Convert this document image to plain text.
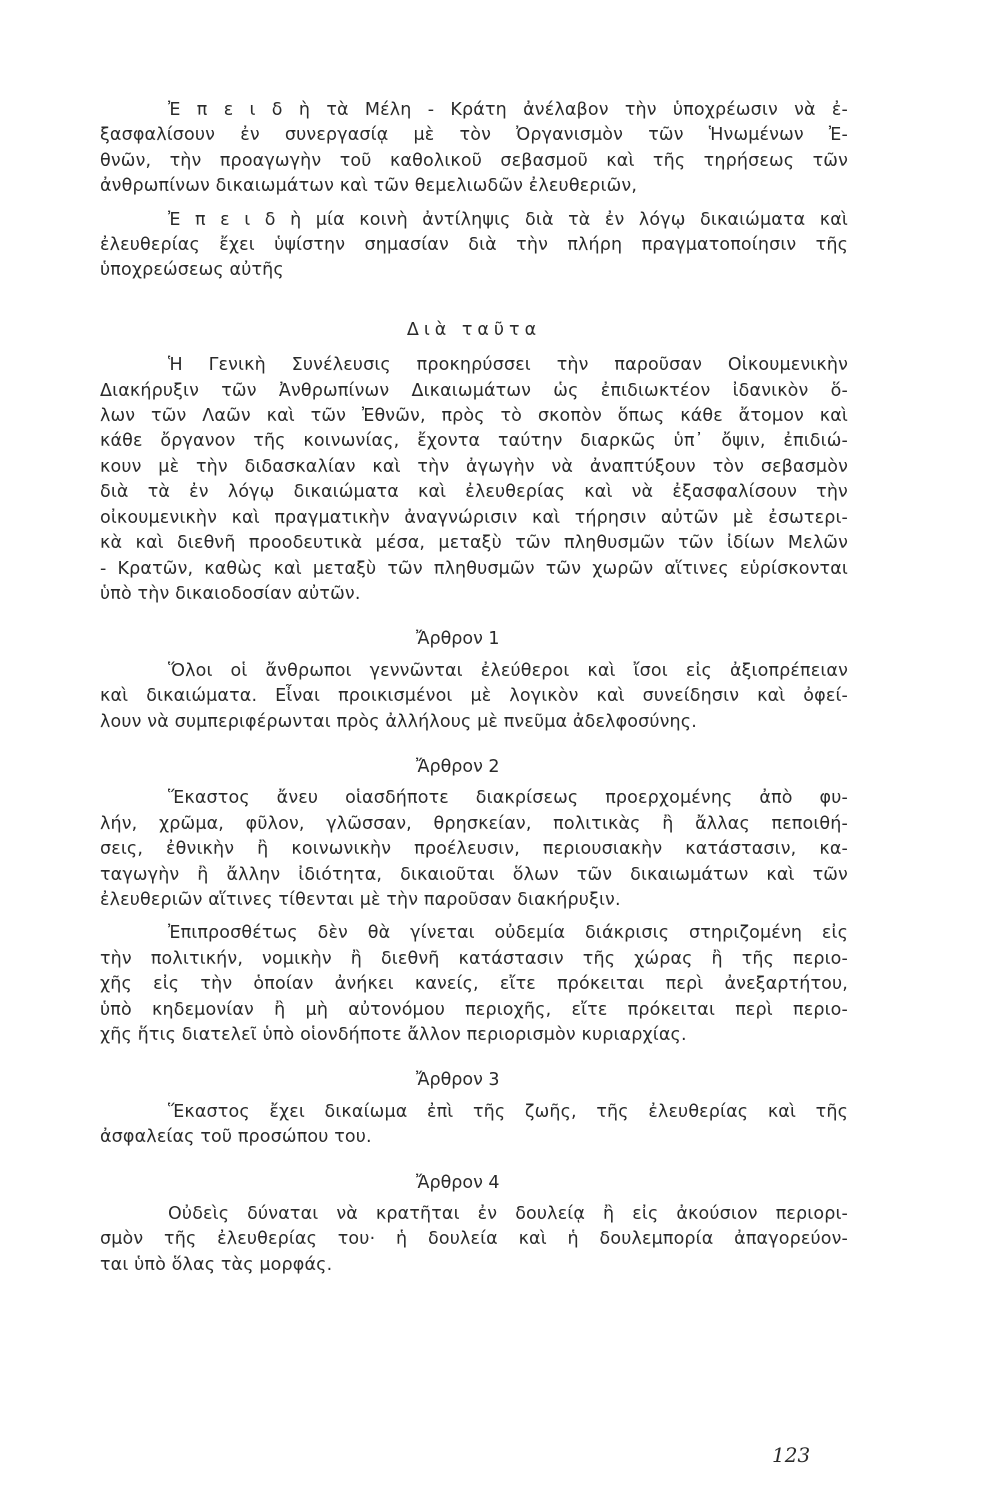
Ἐ π ε ι δ ὴ τὰ Μέλη - Κράτη ἀνέλαβον τὴν ὑποχρέωσιν νὰ ἐ-
ξασφαλίσουν ἐν συνεργασίᾳ μὲ τὸν Ὀργανισμὸν τῶν Ἡνωμένων Ἐ-
θνῶν, τὴν προαγωγὴν τοῦ καθολικοῦ σεβασμοῦ καὶ τῆς τηρήσεως τῶν
ἀνθρωπίνων δικαιωμάτων καὶ τῶν θεμελιωδῶν ἐλευθεριῶν,
Ἐ π ε ι δ ὴ μία κοινὴ ἀντίληψις διὰ τὰ ἐν λόγῳ δικαιώματα καὶ
ἐλευθερίας ἔχει ὑψίστην σημασίαν διὰ τὴν πλήρη πραγματοποίησιν τῆς
ὑποχρεώσεως αὐτῆς
Διὰ ταῦτα
Ἡ Γενικὴ Συνέλευσις προκηρύσσει τὴν παροῦσαν Οἰκουμενικὴν
Διακήρυξιν τῶν Ἀνθρωπίνων Δικαιωμάτων ὡς ἐπιδιωκτέον ἰδανικὸν ὅ-
λων τῶν Λαῶν καὶ τῶν Ἐθνῶν, πρὸς τὸ σκοπὸν ὅπως κάθε ἄτομον καὶ
κάθε ὄργανον τῆς κοινωνίας, ἔχοντα ταύτην διαρκῶς ὑπ᾽ ὄψιν, ἐπιδιώ-
κουν μὲ τὴν διδασκαλίαν καὶ τὴν ἀγωγὴν νὰ ἀναπτύξουν τὸν σεβασμὸν
διὰ τὰ ἐν λόγῳ δικαιώματα καὶ ἐλευθερίας καὶ νὰ ἐξασφαλίσουν τὴν
οἰκουμενικὴν καὶ πραγματικὴν ἀναγνώρισιν καὶ τήρησιν αὐτῶν μὲ ἐσωτερι-
κὰ καὶ διεθνῆ προοδευτικὰ μέσα, μεταξὺ τῶν πληθυσμῶν τῶν ἰδίων Μελῶν
- Κρατῶν, καθὼς καὶ μεταξὺ τῶν πληθυσμῶν τῶν χωρῶν αἵτινες εὑρίσκονται
ὑπὸ τὴν δικαιοδοσίαν αὐτῶν.
Ἄρθρον 1
Ὅλοι οἱ ἄνθρωποι γεννῶνται ἐλεύθεροι καὶ ἴσοι εἰς ἀξιοπρέπειαν
καὶ δικαιώματα. Εἶναι προικισμένοι μὲ λογικὸν καὶ συνείδησιν καὶ ὀφεί-
λουν νὰ συμπεριφέρωνται πρὸς ἀλλήλους μὲ πνεῦμα ἀδελφοσύνης.
Ἄρθρον 2
Ἕκαστος ἄνευ οἱασδήποτε διακρίσεως προερχομένης ἀπὸ φυ-
λήν, χρῶμα, φῦλον, γλῶσσαν, θρησκείαν, πολιτικὰς ἢ ἄλλας πεποιθή-
σεις, ἐθνικὴν ἢ κοινωνικὴν προέλευσιν, περιουσιακὴν κατάστασιν, κα-
ταγωγὴν ἢ ἄλλην ἰδιότητα, δικαιοῦται ὅλων τῶν δικαιωμάτων καὶ τῶν
ἐλευθεριῶν αἵτινες τίθενται μὲ τὴν παροῦσαν διακήρυξιν.
Ἐπιπροσθέτως δὲν θὰ γίνεται οὐδεμία διάκρισις στηριζομένη εἰς
τὴν πολιτικήν, νομικὴν ἢ διεθνῆ κατάστασιν τῆς χώρας ἢ τῆς περιο-
χῆς εἰς τὴν ὁποίαν ἀνήκει κανείς, εἴτε πρόκειται περὶ ἀνεξαρτήτου,
ὑπὸ κηδεμονίαν ἢ μὴ αὐτονόμου περιοχῆς, εἴτε πρόκειται περὶ περιο-
χῆς ἥτις διατελεῖ ὑπὸ οἱονδήποτε ἄλλον περιορισμὸν κυριαρχίας.
Ἄρθρον 3
Ἕκαστος ἔχει δικαίωμα ἐπὶ τῆς ζωῆς, τῆς ἐλευθερίας καὶ τῆς
ἀσφαλείας τοῦ προσώπου του.
Ἄρθρον 4
Οὐδεὶς δύναται νὰ κρατῆται ἐν δουλείᾳ ἢ εἰς ἀκούσιον περιορι-
σμὸν τῆς ἐλευθερίας του· ἡ δουλεία καὶ ἡ δουλεμπορία ἀπαγορεύον-
ται ὑπὸ ὅλας τὰς μορφάς.
123
